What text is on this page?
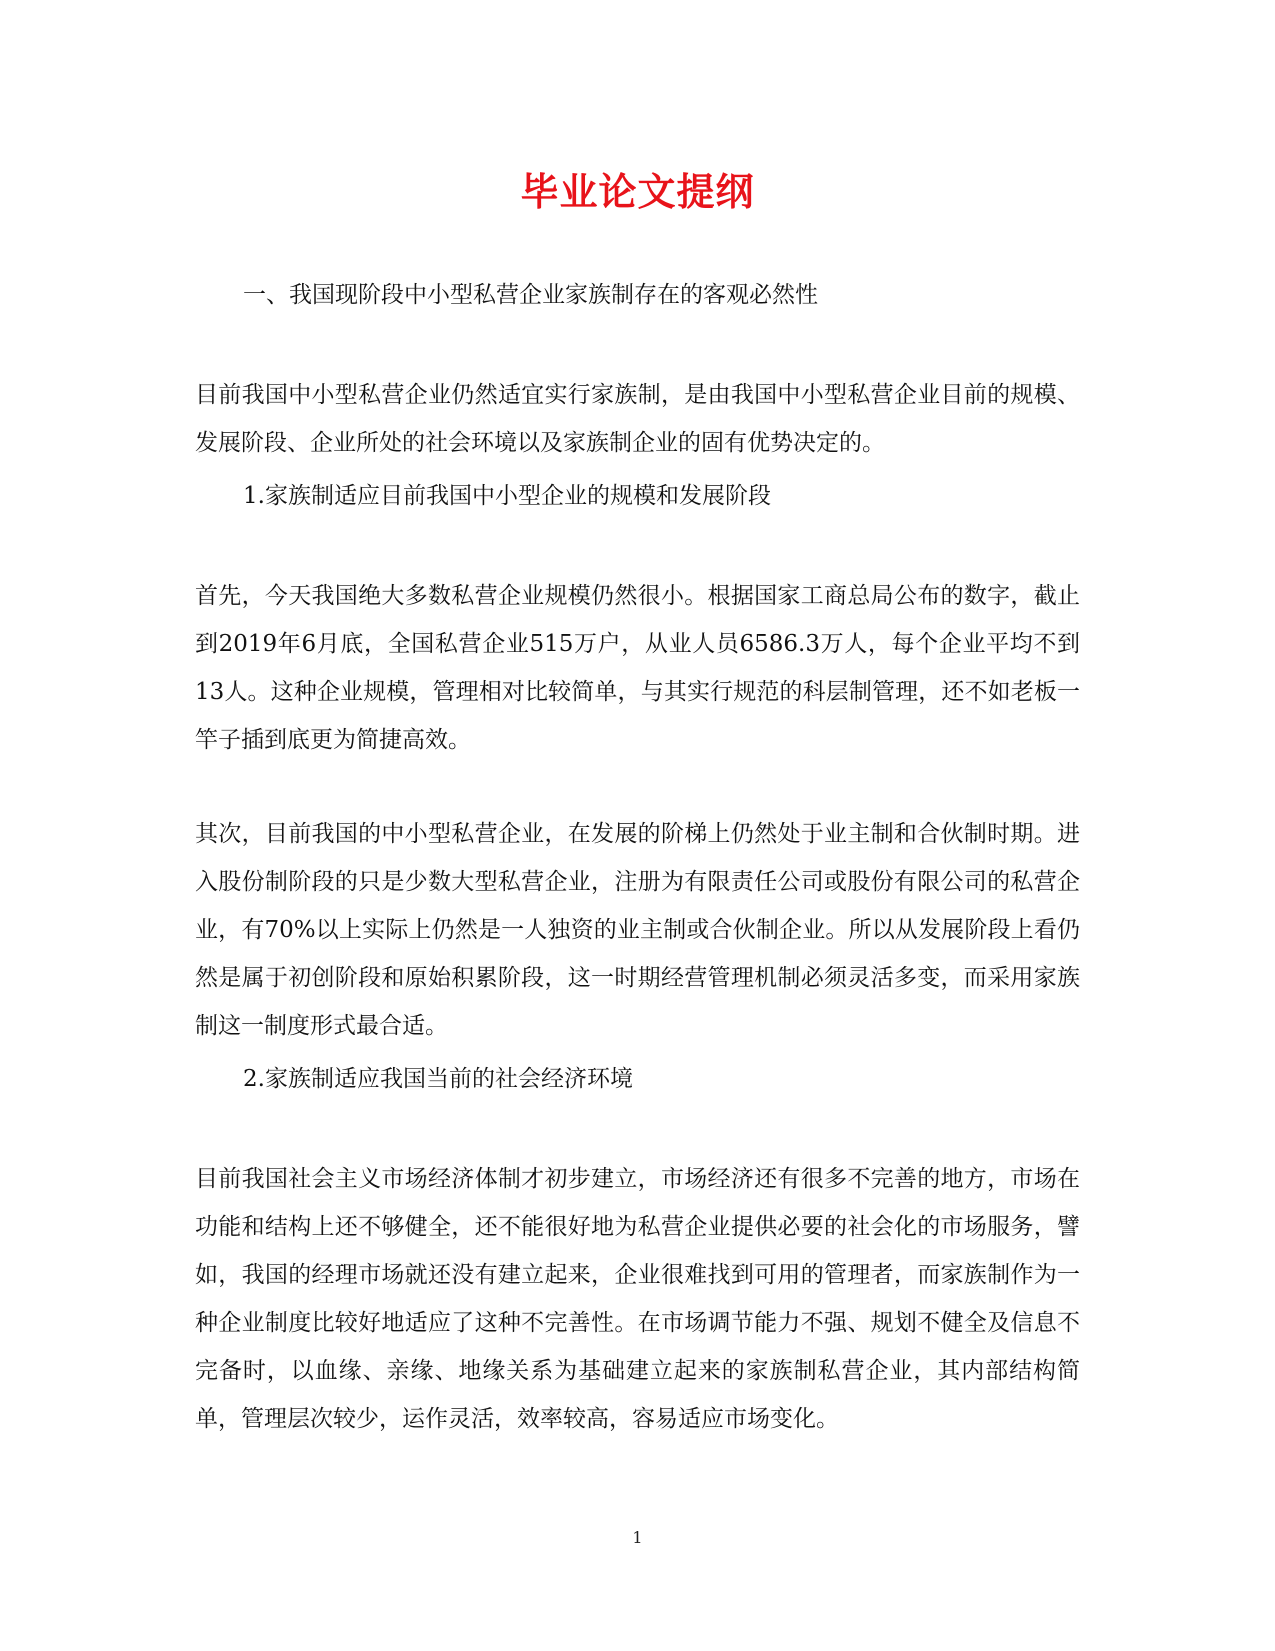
毕业论文提纲

一、我国现阶段中小型私营企业家族制存在的客观必然性

目前我国中小型私营企业仍然适宜实行家族制，是由我国中小型私营企业目前的规模、发展阶段、企业所处的社会环境以及家族制企业的固有优势决定的。

1.家族制适应目前我国中小型企业的规模和发展阶段

首先，今天我国绝大多数私营企业规模仍然很小。根据国家工商总局公布的数字，截止到2019年6月底，全国私营企业515万户，从业人员6586.3万人，每个企业平均不到13人。这种企业规模，管理相对比较简单，与其实行规范的科层制管理，还不如老板一竿子插到底更为简捷高效。

其次，目前我国的中小型私营企业，在发展的阶梯上仍然处于业主制和合伙制时期。进入股份制阶段的只是少数大型私营企业，注册为有限责任公司或股份有限公司的私营企业，有70%以上实际上仍然是一人独资的业主制或合伙制企业。所以从发展阶段上看仍然是属于初创阶段和原始积累阶段，这一时期经营管理机制必须灵活多变，而采用家族制这一制度形式最合适。

2.家族制适应我国当前的社会经济环境

目前我国社会主义市场经济体制才初步建立，市场经济还有很多不完善的地方，市场在功能和结构上还不够健全，还不能很好地为私营企业提供必要的社会化的市场服务，譬如，我国的经理市场就还没有建立起来，企业很难找到可用的管理者，而家族制作为一种企业制度比较好地适应了这种不完善性。在市场调节能力不强、规划不健全及信息不完备时，以血缘、亲缘、地缘关系为基础建立起来的家族制私营企业，其内部结构简单，管理层次较少，运作灵活，效率较高，容易适应市场变化。

1
